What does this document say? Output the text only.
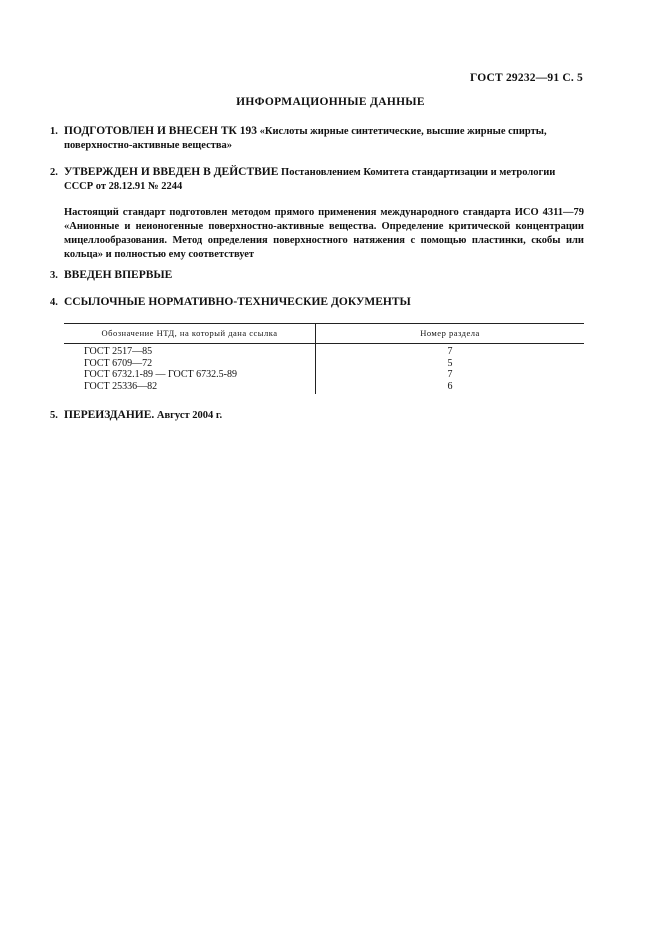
ГОСТ 29232—91 С. 5
ИНФОРМАЦИОННЫЕ ДАННЫЕ
1. ПОДГОТОВЛЕН И ВНЕСЕН ТК 193 «Кислоты жирные синтетические, высшие жирные спирты,
поверхностно-активные вещества»
2. УТВЕРЖДЕН И ВВЕДЕН В ДЕЙСТВИЕ Постановлением Комитета стандартизации и метрологии
СССР от 28.12.91 № 2244
Настоящий стандарт подготовлен методом прямого применения международного стандарта ИСО 4311—79 «Анионные и неионогенные поверхностно-активные вещества. Определение критической концентрации мицеллообразования. Метод определения поверхностного натяжения с помощью пластинки, скобы или кольца» и полностью ему соответствует
3. ВВЕДЕН ВПЕРВЫЕ
4. ССЫЛОЧНЫЕ НОРМАТИВНО-ТЕХНИЧЕСКИЕ ДОКУМЕНТЫ
Обозначение НТД, на который дана ссылка	Номер раздела
ГОСТ 2517—85	7
ГОСТ 6709—72	5
ГОСТ 6732.1-89 — ГОСТ 6732.5-89	7
ГОСТ 25336—82	6
5. ПЕРЕИЗДАНИЕ. Август 2004 г.
